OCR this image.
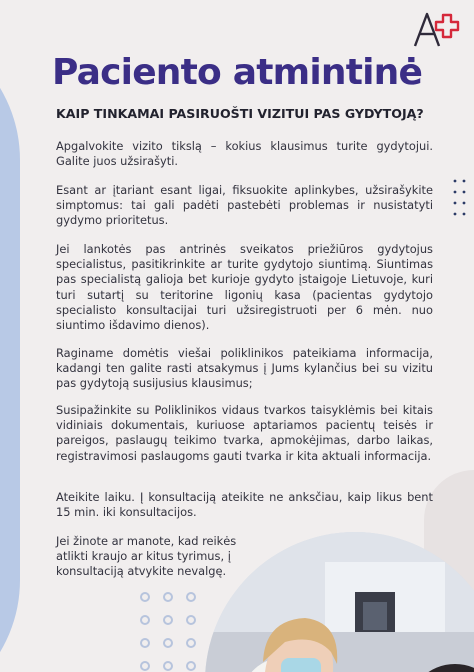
Paciento atmintinė
KAIP TINKAMAI PASIRUOŠTI VIZITUI PAS GYDYTOJĄ?

Apgalvokite vizito tikslą – kokius klausimus turite gydytojui. Galite juos užsirašyti.

Esant ar įtariant esant ligai, fiksuokite aplinkybes, užsirašykite simptomus: tai gali padėti pastebėti problemas ir nusistatyti gydymo prioritetus.

Jei lankotės pas antrinės sveikatos priežiūros gydytojus specialistus, pasitikrinkite ar turite gydytojo siuntimą. Siuntimas pas specialistą galioja bet kuriojе gydyto įstaigoje Lietuvoje, kuri turi sutartį su teritorine ligonių kasa (pacientas gydytojo specialisto konsultacijai turi užsiregistruoti per 6 mėn. nuo siuntimo išdavimo dienos).

Raginame domėtis viešai poliklinikos pateikiama informacija, kadangi ten galite rasti atsakymus į Jums kylančius bei su vizitu pas gydytoją susijusius klausimus;

Susipažinkite su Poliklinikos vidaus tvarkos taisyklėmis bei kitais vidiniais dokumentais, kuriuose aptariamos pacientų teisės ir pareigos, paslaugų teikimo tvarka, apmokėjimas, darbo laikas, registravimosi paslaugoms gauti tvarka ir kita aktuali informacija.

Ateikite laiku. Į konsultaciją ateikite ne anksčiau, kaip likus bent 15 min. iki konsultacijos.

Jei žinote ar manote, kad reikės atlikti kraujo ar kitus tyrimus, į konsultaciją atvykite nevalgę.
